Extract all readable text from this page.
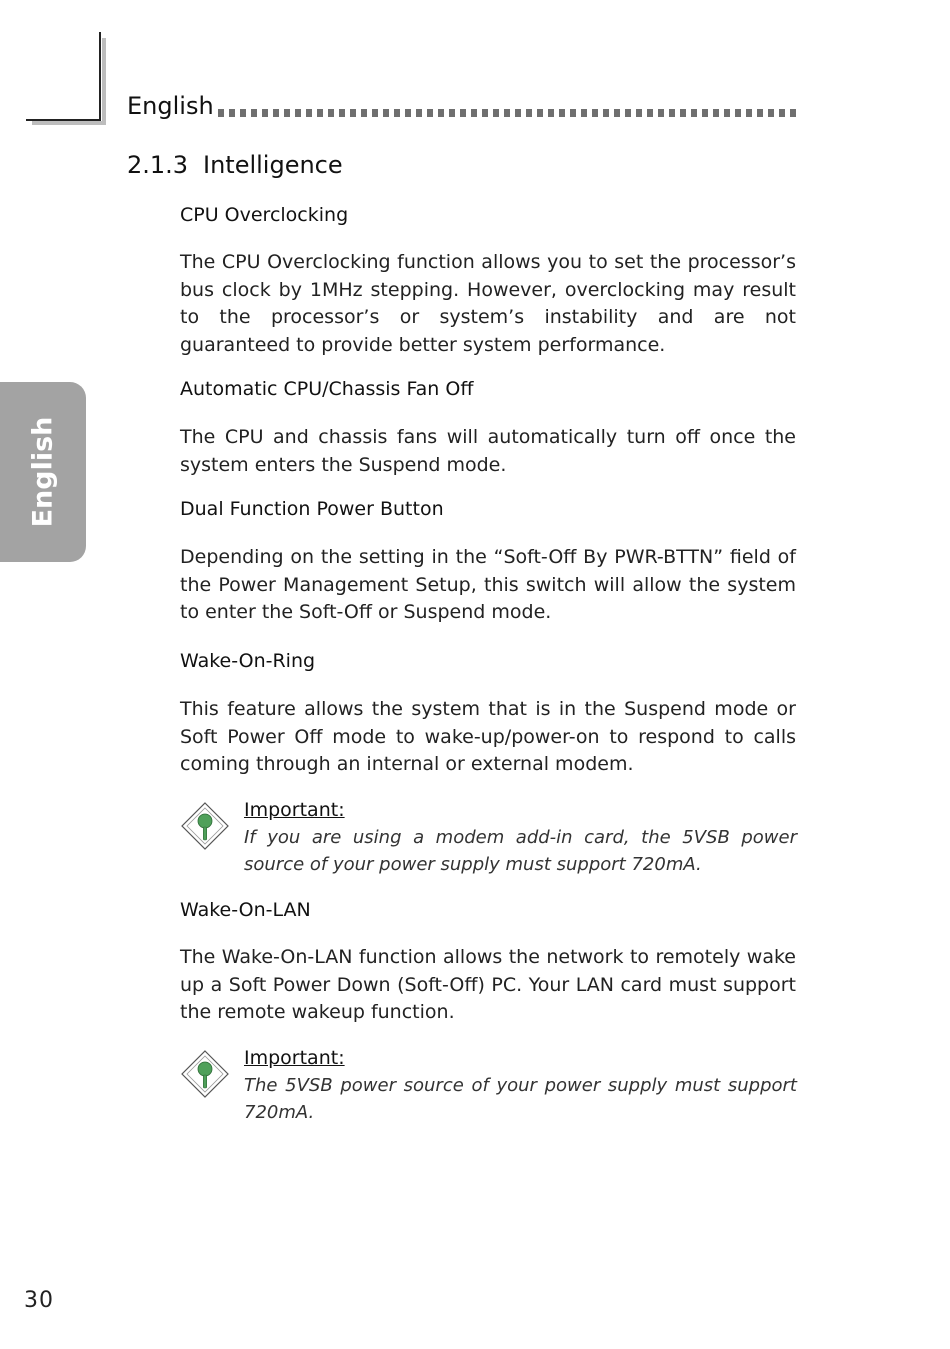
English
English
2.1.3 Intelligence
CPU Overclocking
The CPU Overclocking function allows you to set the processor’s bus clock by 1MHz stepping. However, overclocking may result to the processor’s or system’s instability and are not guaranteed to provide better system performance.
Automatic CPU/Chassis Fan Off
The CPU and chassis fans will automatically turn off once the system enters the Suspend mode.
Dual Function Power Button
Depending on the setting in the “Soft-Off By PWR-BTTN” field of the Power Management Setup, this switch will allow the system to enter the Soft-Off or Suspend mode.
Wake-On-Ring
This feature allows the system that is in the Suspend mode or Soft Power Off mode to wake-up/power-on to respond to calls coming through an internal or external modem.
Important:
If you are using a modem add-in card, the 5VSB power source of your power supply must support 720mA.
Wake-On-LAN
The Wake-On-LAN function allows the network to remotely wake up a Soft Power Down (Soft-Off) PC. Your LAN card must support the remote wakeup function.
Important:
The 5VSB power source of your power supply must support 720mA.
30
